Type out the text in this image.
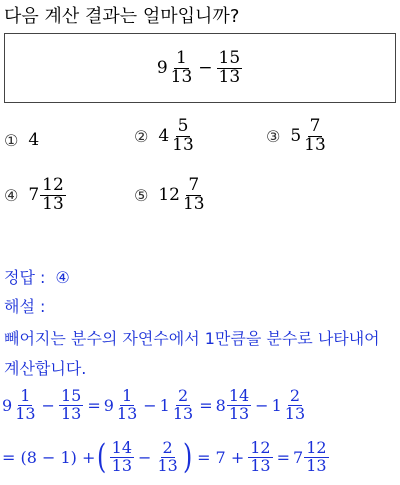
다음 계산 결과는 얼마입니까?
$9 \frac{1}{13} - \frac{15}{13}$
① 4	② $4 \frac{5}{13}$	③ $5 \frac{7}{13}$
④ $7 \frac{12}{13}$	⑤ $12 \frac{7}{13}$
정답 : ④
해설 :
빼어지는 분수의 자연수에서 1만큼을 분수로 나타내어
계산합니다.
$9 \frac{1}{13} - \frac{15}{13} = 9 \frac{1}{13} - 1 \frac{2}{13} = 8 \frac{14}{13} - 1 \frac{2}{13}$
= (8 − 1) + ( $\frac{14}{13} - \frac{2}{13}$ ) = $7 + \frac{12}{13} = 7 \frac{12}{13}$
